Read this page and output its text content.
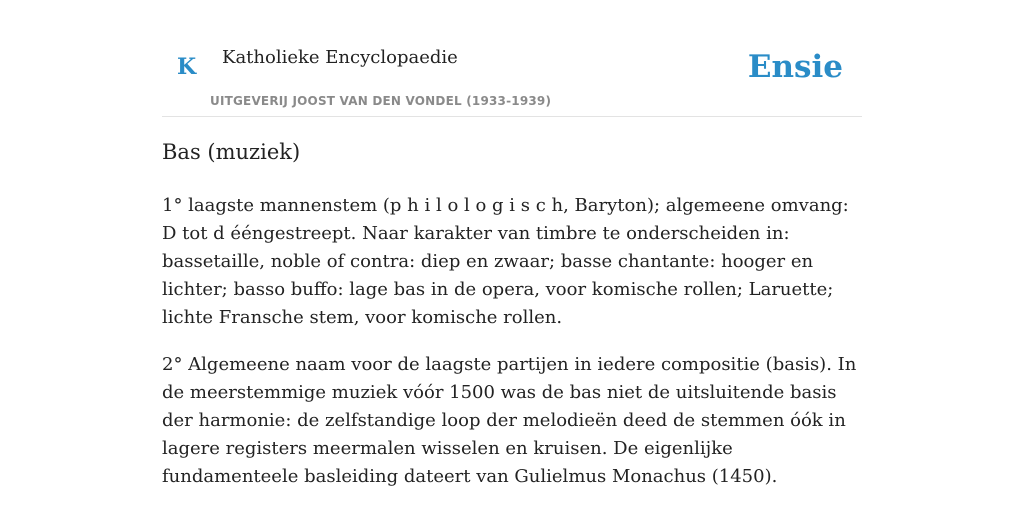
K Katholieke Encyclopaedie
UITGEVERIJ JOOST VAN DEN VONDEL (1933-1939)
Ensie
Bas (muziek)

1° laagste mannenstem (p h i l o l o g i s c h, Baryton); algemeene omvang: D tot d ééngestreept. Naar karakter van timbre te onderscheiden in: bassetaille, noble of contra: diep en zwaar; basse chantante: hooger en lichter; basso buffo: lage bas in de opera, voor komische rollen; Laruette; lichte Fransche stem, voor komische rollen.

2° Algemeene naam voor de laagste partijen in iedere compositie (basis). In de meerstemmige muziek vóór 1500 was de bas niet de uitsluitende basis der harmonie: de zelfstandige loop der melodieën deed de stemmen óók in lagere registers meermalen wisselen en kruisen. De eigenlijke fundamenteele basleiding dateert van Gulielmus Monachus (1450).
